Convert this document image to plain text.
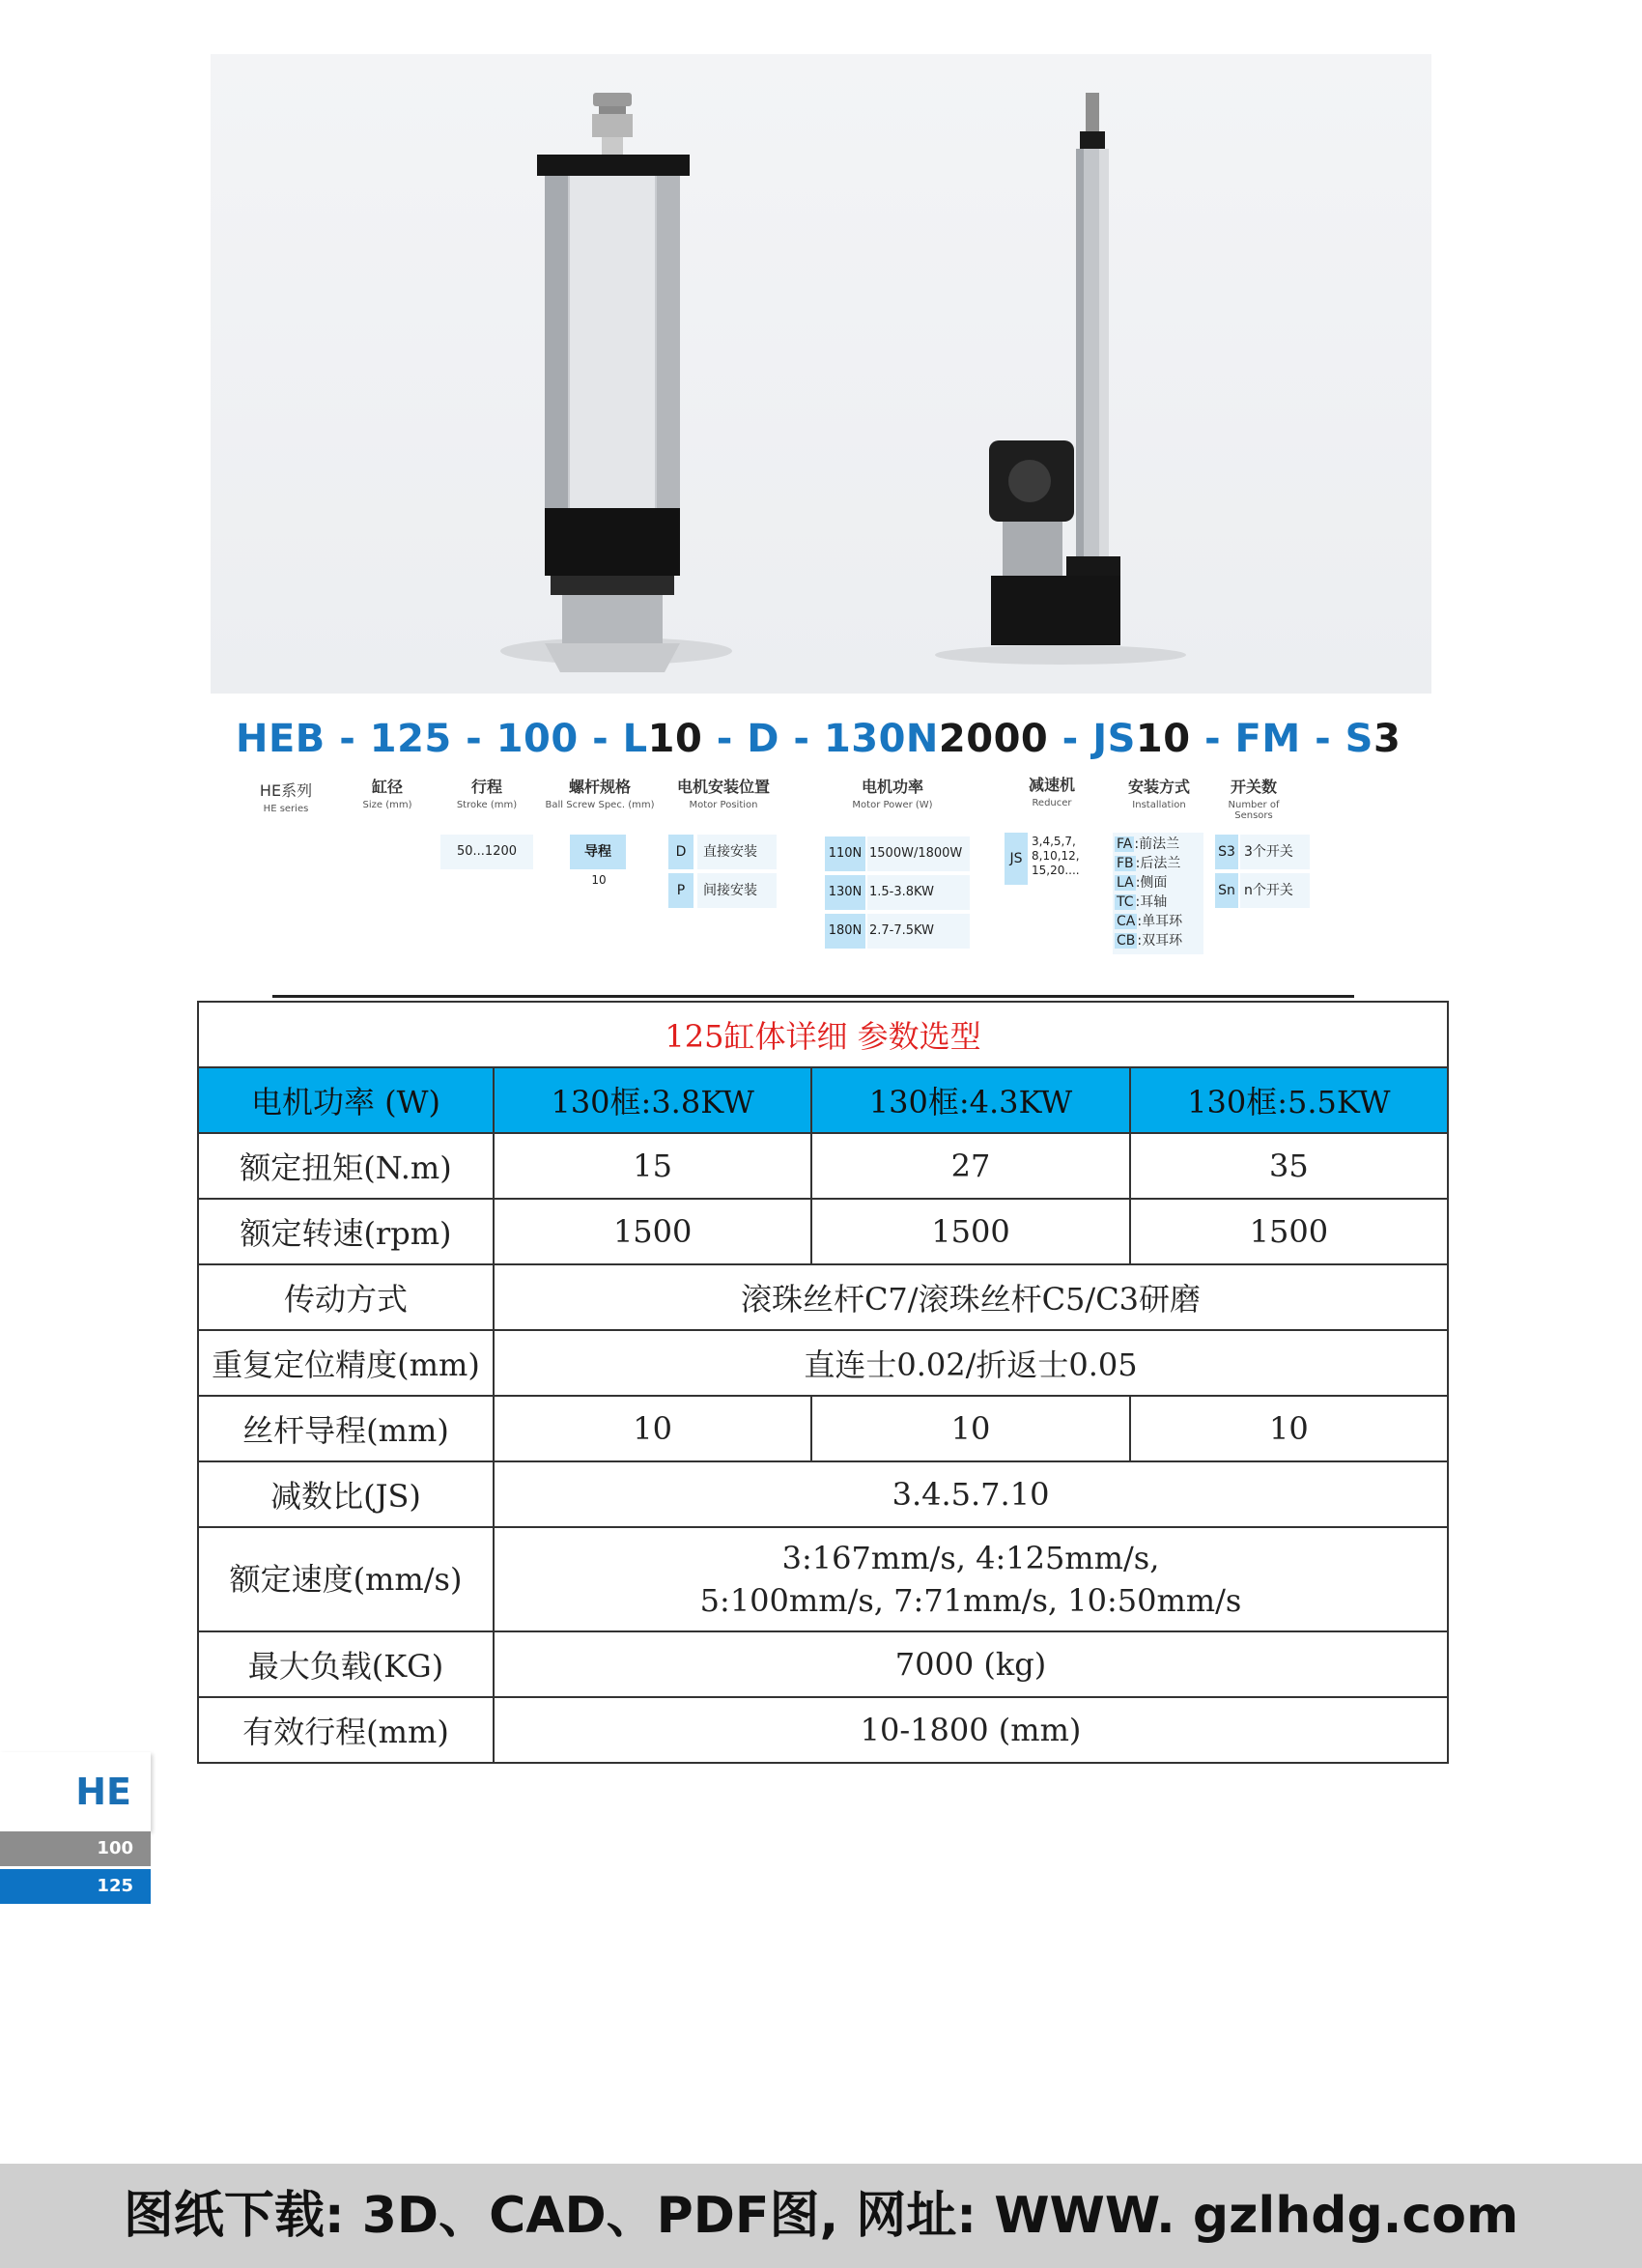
HEB - 125 - 100 - L10 - D - 130N2000 - JS10 - FM - S3
HE系列
HE series
缸径
Size (mm)
行程
Stroke (mm)
螺杆规格
Ball Screw Spec. (mm)
电机安装位置
Motor Position
电机功率
Motor Power (W)
减速机
Reducer
安装方式
Installation
开关数
Number of Sensors
50...1200	导程
10
D	直接安装
P	间接安装
110N 1500W/1800W
130N 1.5-3.8KW
180N 2.7-7.5KW
JS
3,4,5,7,
8,10,12,
15,20....
FA :前法兰
FB :后法兰
LA :侧面
TC :耳轴
CA :单耳环
CB :双耳环
S3 3个开关
Sn n个开关
125缸体详细 参数选型			
电机功率 (W)	130框:3.8KW	130框:4.3KW	130框:5.5KW
额定扭矩(N.m)	15	27	35
额定转速(rpm)	1500	1500	1500
传动方式	滚珠丝杆C7/滚珠丝杆C5/C3研磨		
重复定位精度(mm)	直连士0.02/折返士0.05		
丝杆导程(mm)	10	10	10
减数比(JS)	3.4.5.7.10		
额定速度(mm/s)	3:167mm/s, 4:125mm/s,
5:100mm/s, 7:71mm/s, 10:50mm/s		

最大负载(KG)	7000 (kg)		
有效行程(mm)	10-1800 (mm)		
HE
100
125
图纸下载: 3D、CAD、PDF图, 网址: WWW. gzlhdg.com
